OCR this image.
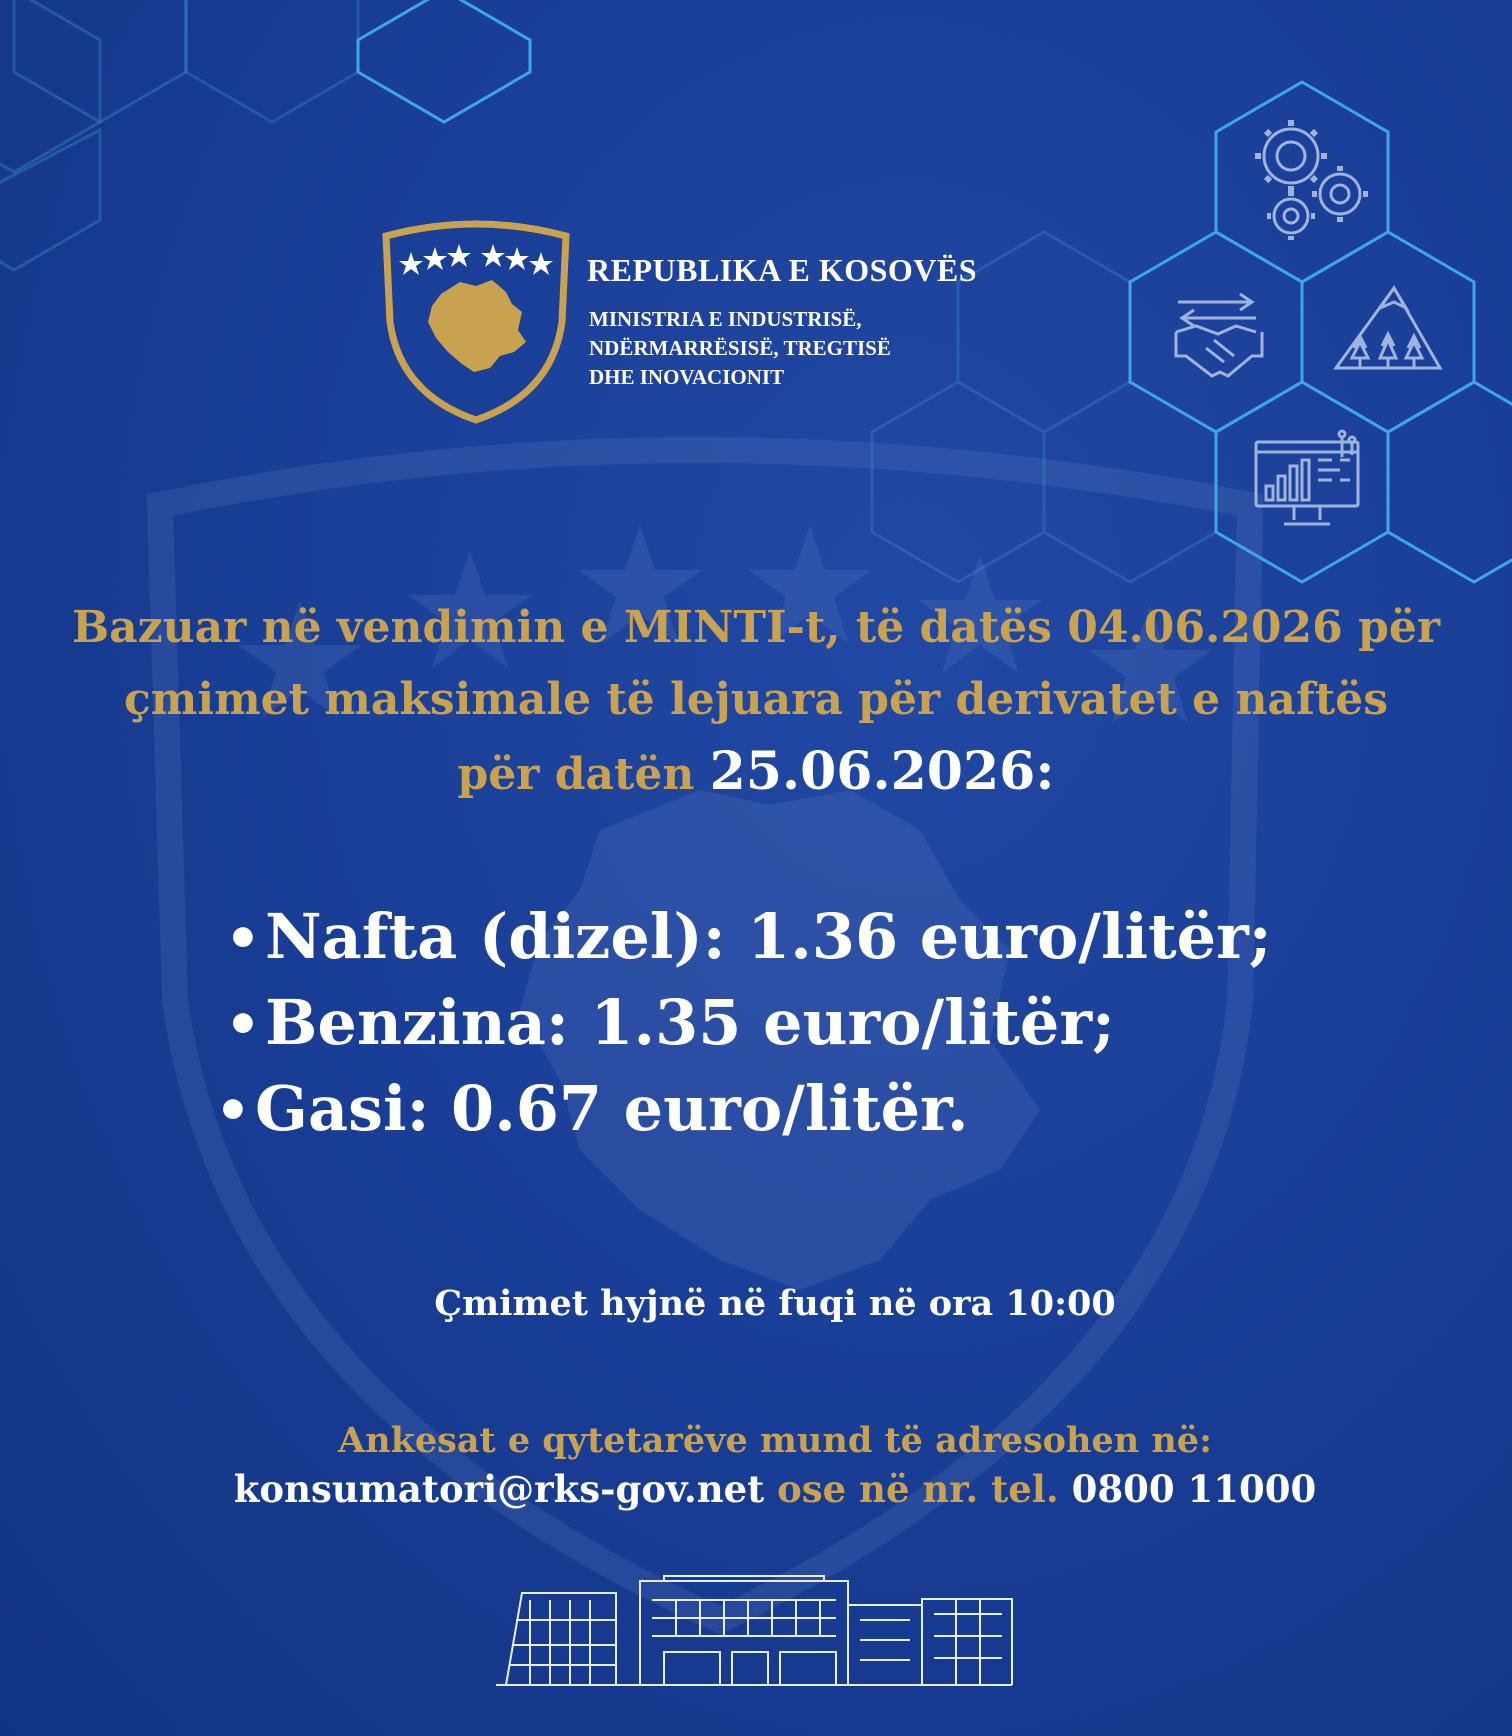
REPUBLIKA E KOSOVËS
MINISTRIA E INDUSTRISË,
NDËRMARRËSISË, TREGTISË
DHE INOVACIONIT
Bazuar në vendimin e MINTI-t, të datës 04.06.2026 për
çmimet maksimale të lejuara për derivatet e naftës
për datën 25.06.2026:
•Nafta (dizel): 1.36 euro/litër;
•Benzina: 1.35 euro/litër;
•Gasi: 0.67 euro/litër.
Çmimet hyjnë në fuqi në ora 10:00
Ankesat e qytetarëve mund të adresohen në:
konsumatori@rks-gov.net ose në nr. tel. 0800 11000
